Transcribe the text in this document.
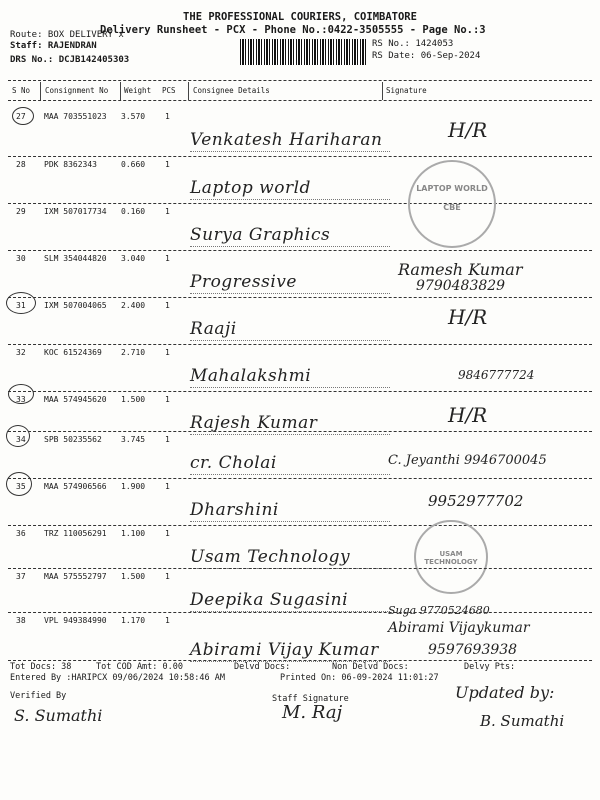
THE PROFESSIONAL COURIERS, COIMBATORE
Delivery Runsheet - PCX - Phone No.:0422-3505555 - Page No.:3
Route: BOX DELIVERY x
Staff: RAJENDRAN
DRS No.: DCJB142405303
RS No.: 1424053
RS Date: 06-Sep-2024
S No Consignment No Weight PCS Consignee Details	Signature
27 MAA 703551023 3.570 1
Venkatesh Hariharan	H/R
28 PDK 8362343	0.660 1
Laptop world
29 IXM 507017734 0.160 1
Surya Graphics
LAPTOP WORLD
CBE
30 SLM 354044820 3.040 1
Progressive
Ramesh Kumar
9790483829
31 IXM 507004065 2.400 1
Raaji	H/R
32 KOC 61524369 2.710 1
Mahalakshmi	9846777724
33 MAA 574945620 1.500 1
Rajesh Kumar	H/R
34 SPB 50235562 3.745 1
cr. Cholai	C. Jeyanthi 9946700045
35 MAA 574906566 1.900 1
Dharshini	9952977702
36 TRZ 110056291 1.100 1
Usam Technology	USAM TECHNOLOGY
37 MAA 575552797 1.500 1
Deepika Sugasini
Suga 9770524680
38 VPL 949384990 1.170 1
Abirami Vijay Kumar
Abirami Vijaykumar
9597693938
Tot Docs: 38	Tot COD Amt: 0.00	Delvd Docs:	Non Delvd Docs:	Delvy Pts:
Entered By :HARIPCX 09/06/2024 10:58:46 AM	Printed On: 06-09-2024 11:01:27
Verified By	Staff Signature	Updated by:
S. Sumathi	M. Raj	B. Sumathi
